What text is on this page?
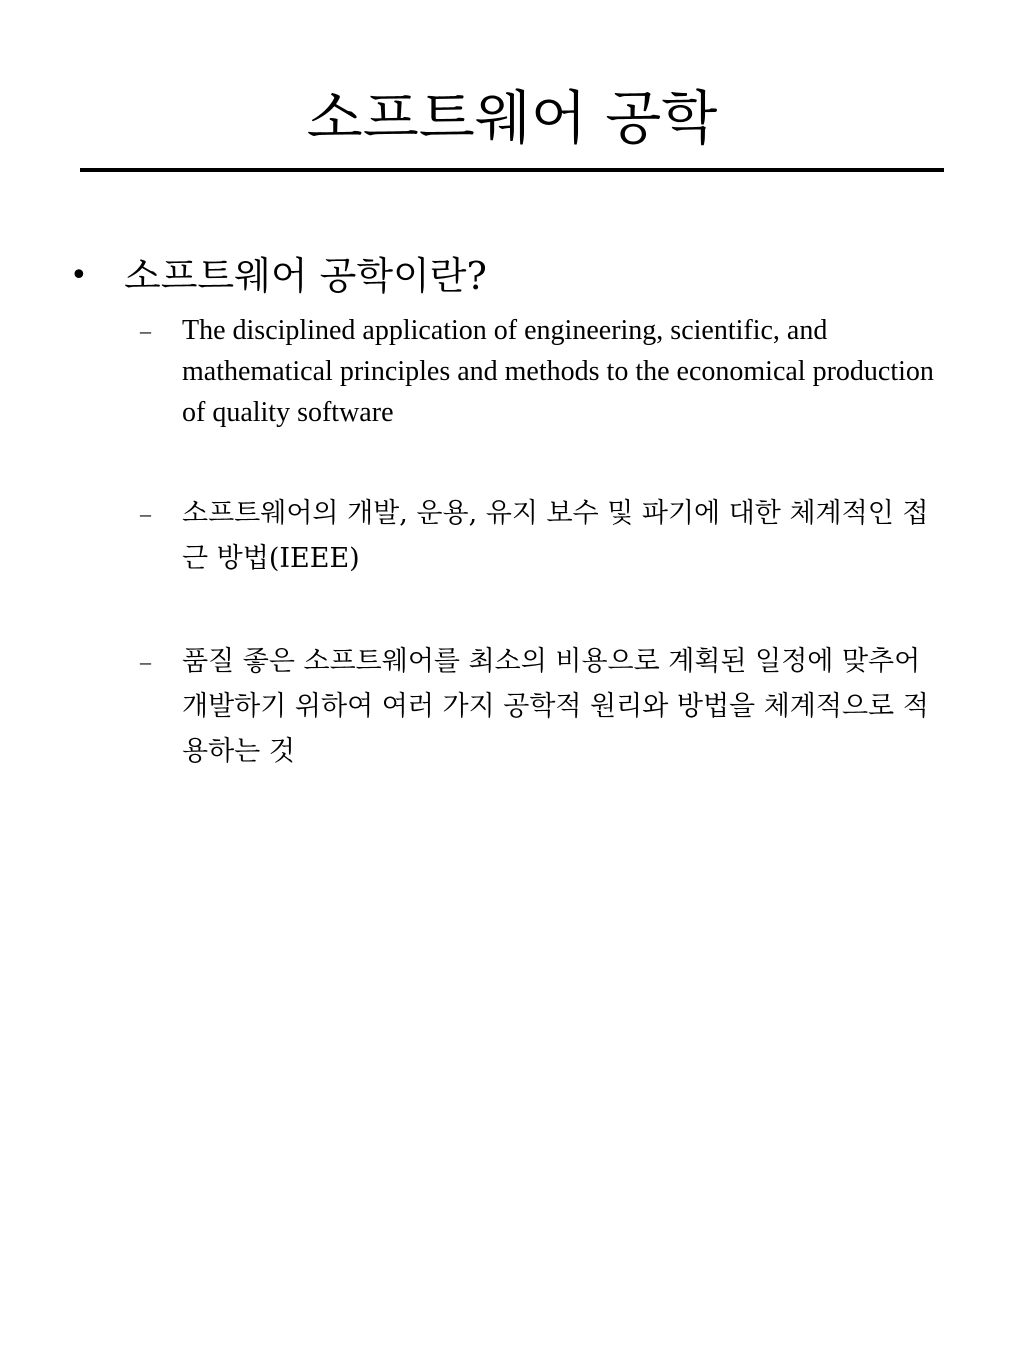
소프트웨어 공학
• 소프트웨어 공학이란?
– The disciplined application of engineering, scientific, and mathematical principles and methods to the economical production of quality software
– 소프트웨어의 개발, 운용, 유지 보수 및 파기에 대한 체계적인 접근 방법(IEEE)
– 품질 좋은 소프트웨어를 최소의 비용으로 계획된 일정에 맞추어 개발하기 위하여 여러 가지 공학적 원리와 방법을 체계적으로 적용하는 것
